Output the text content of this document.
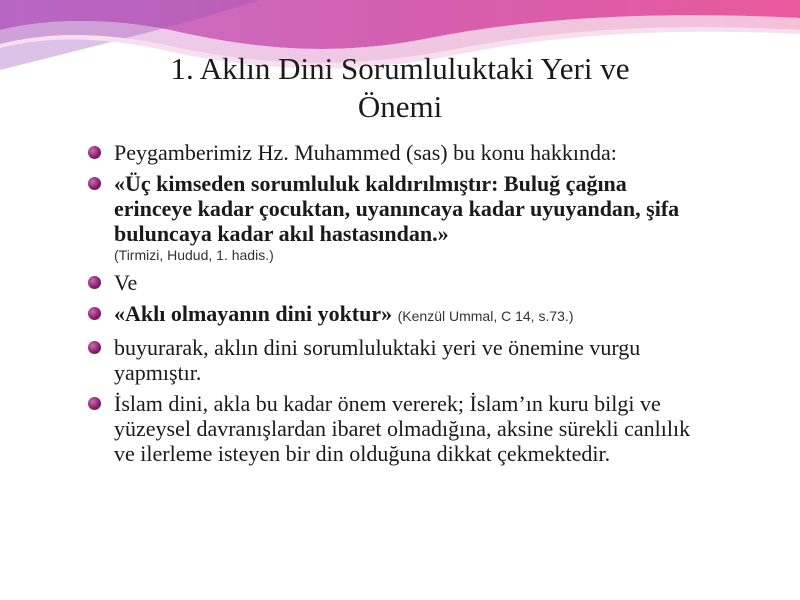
1. Aklın Dini Sorumluluktaki Yeri ve
Önemi
Peygamberimiz Hz. Muhammed (sas) bu konu hakkında:
«Üç kimseden sorumluluk kaldırılmıştır: Buluğ çağına erinceye kadar çocuktan, uyanıncaya kadar uyuyandan, şifa buluncaya kadar akıl hastasından.»
(Tirmizi, Hudud, 1. hadis.)
Ve
«Aklı olmayanın dini yoktur» (Kenzül Ummal, C 14, s.73.)
buyurarak, aklın dini sorumluluktaki yeri ve önemine vurgu yapmıştır.
İslam dini, akla bu kadar önem vererek; İslam’ın kuru bilgi ve yüzeysel davranışlardan ibaret olmadığına, aksine sürekli canlılık ve ilerleme isteyen bir din olduğuna dikkat çekmektedir.
